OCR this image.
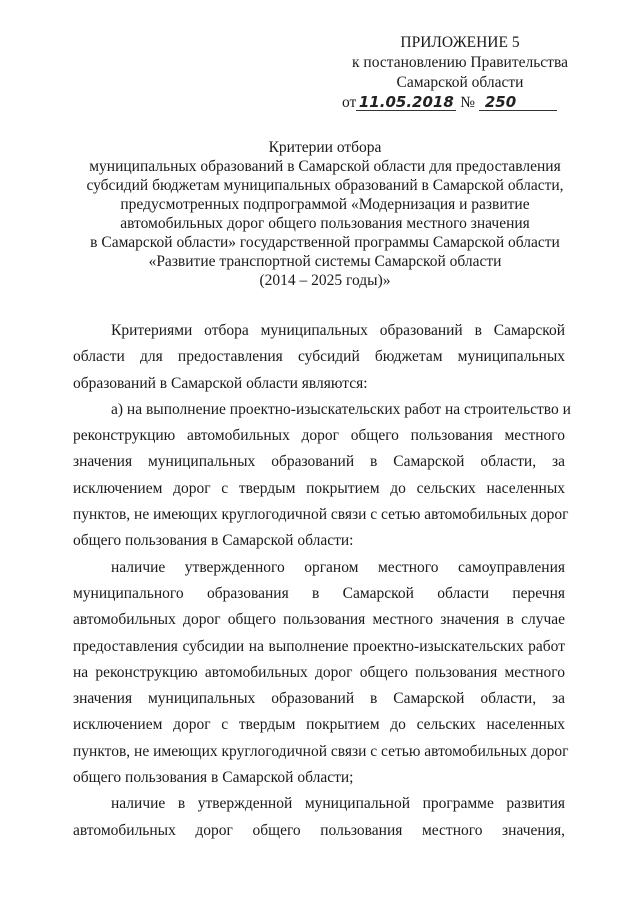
ПРИЛОЖЕНИЕ 5
к постановлению Правительства
Самарской области
от 11.05.2018 № 250
Критерии отбора
муниципальных образований в Самарской области для предоставления
субсидий бюджетам муниципальных образований в Самарской области,
предусмотренных подпрограммой «Модернизация и развитие
автомобильных дорог общего пользования местного значения
в Самарской области» государственной программы Самарской области
«Развитие транспортной системы Самарской области
(2014 – 2025 годы)»

Критериями отбора муниципальных образований в Самарской
области для предоставления субсидий бюджетам муниципальных
образований в Самарской области являются:

а) на выполнение проектно-изыскательских работ на строительство и
реконструкцию автомобильных дорог общего пользования местного
значения муниципальных образований в Самарской области, за
исключением дорог с твердым покрытием до сельских населенных
пунктов, не имеющих круглогодичной связи с сетью автомобильных дорог
общего пользования в Самарской области:

наличие утвержденного органом местного самоуправления
муниципального образования в Самарской области перечня
автомобильных дорог общего пользования местного значения в случае
предоставления субсидии на выполнение проектно-изыскательских работ
на реконструкцию автомобильных дорог общего пользования местного
значения муниципальных образований в Самарской области, за
исключением дорог с твердым покрытием до сельских населенных
пунктов, не имеющих круглогодичной связи с сетью автомобильных дорог
общего пользования в Самарской области;

наличие в утвержденной муниципальной программе развития
автомобильных дорог общего пользования местного значения,
